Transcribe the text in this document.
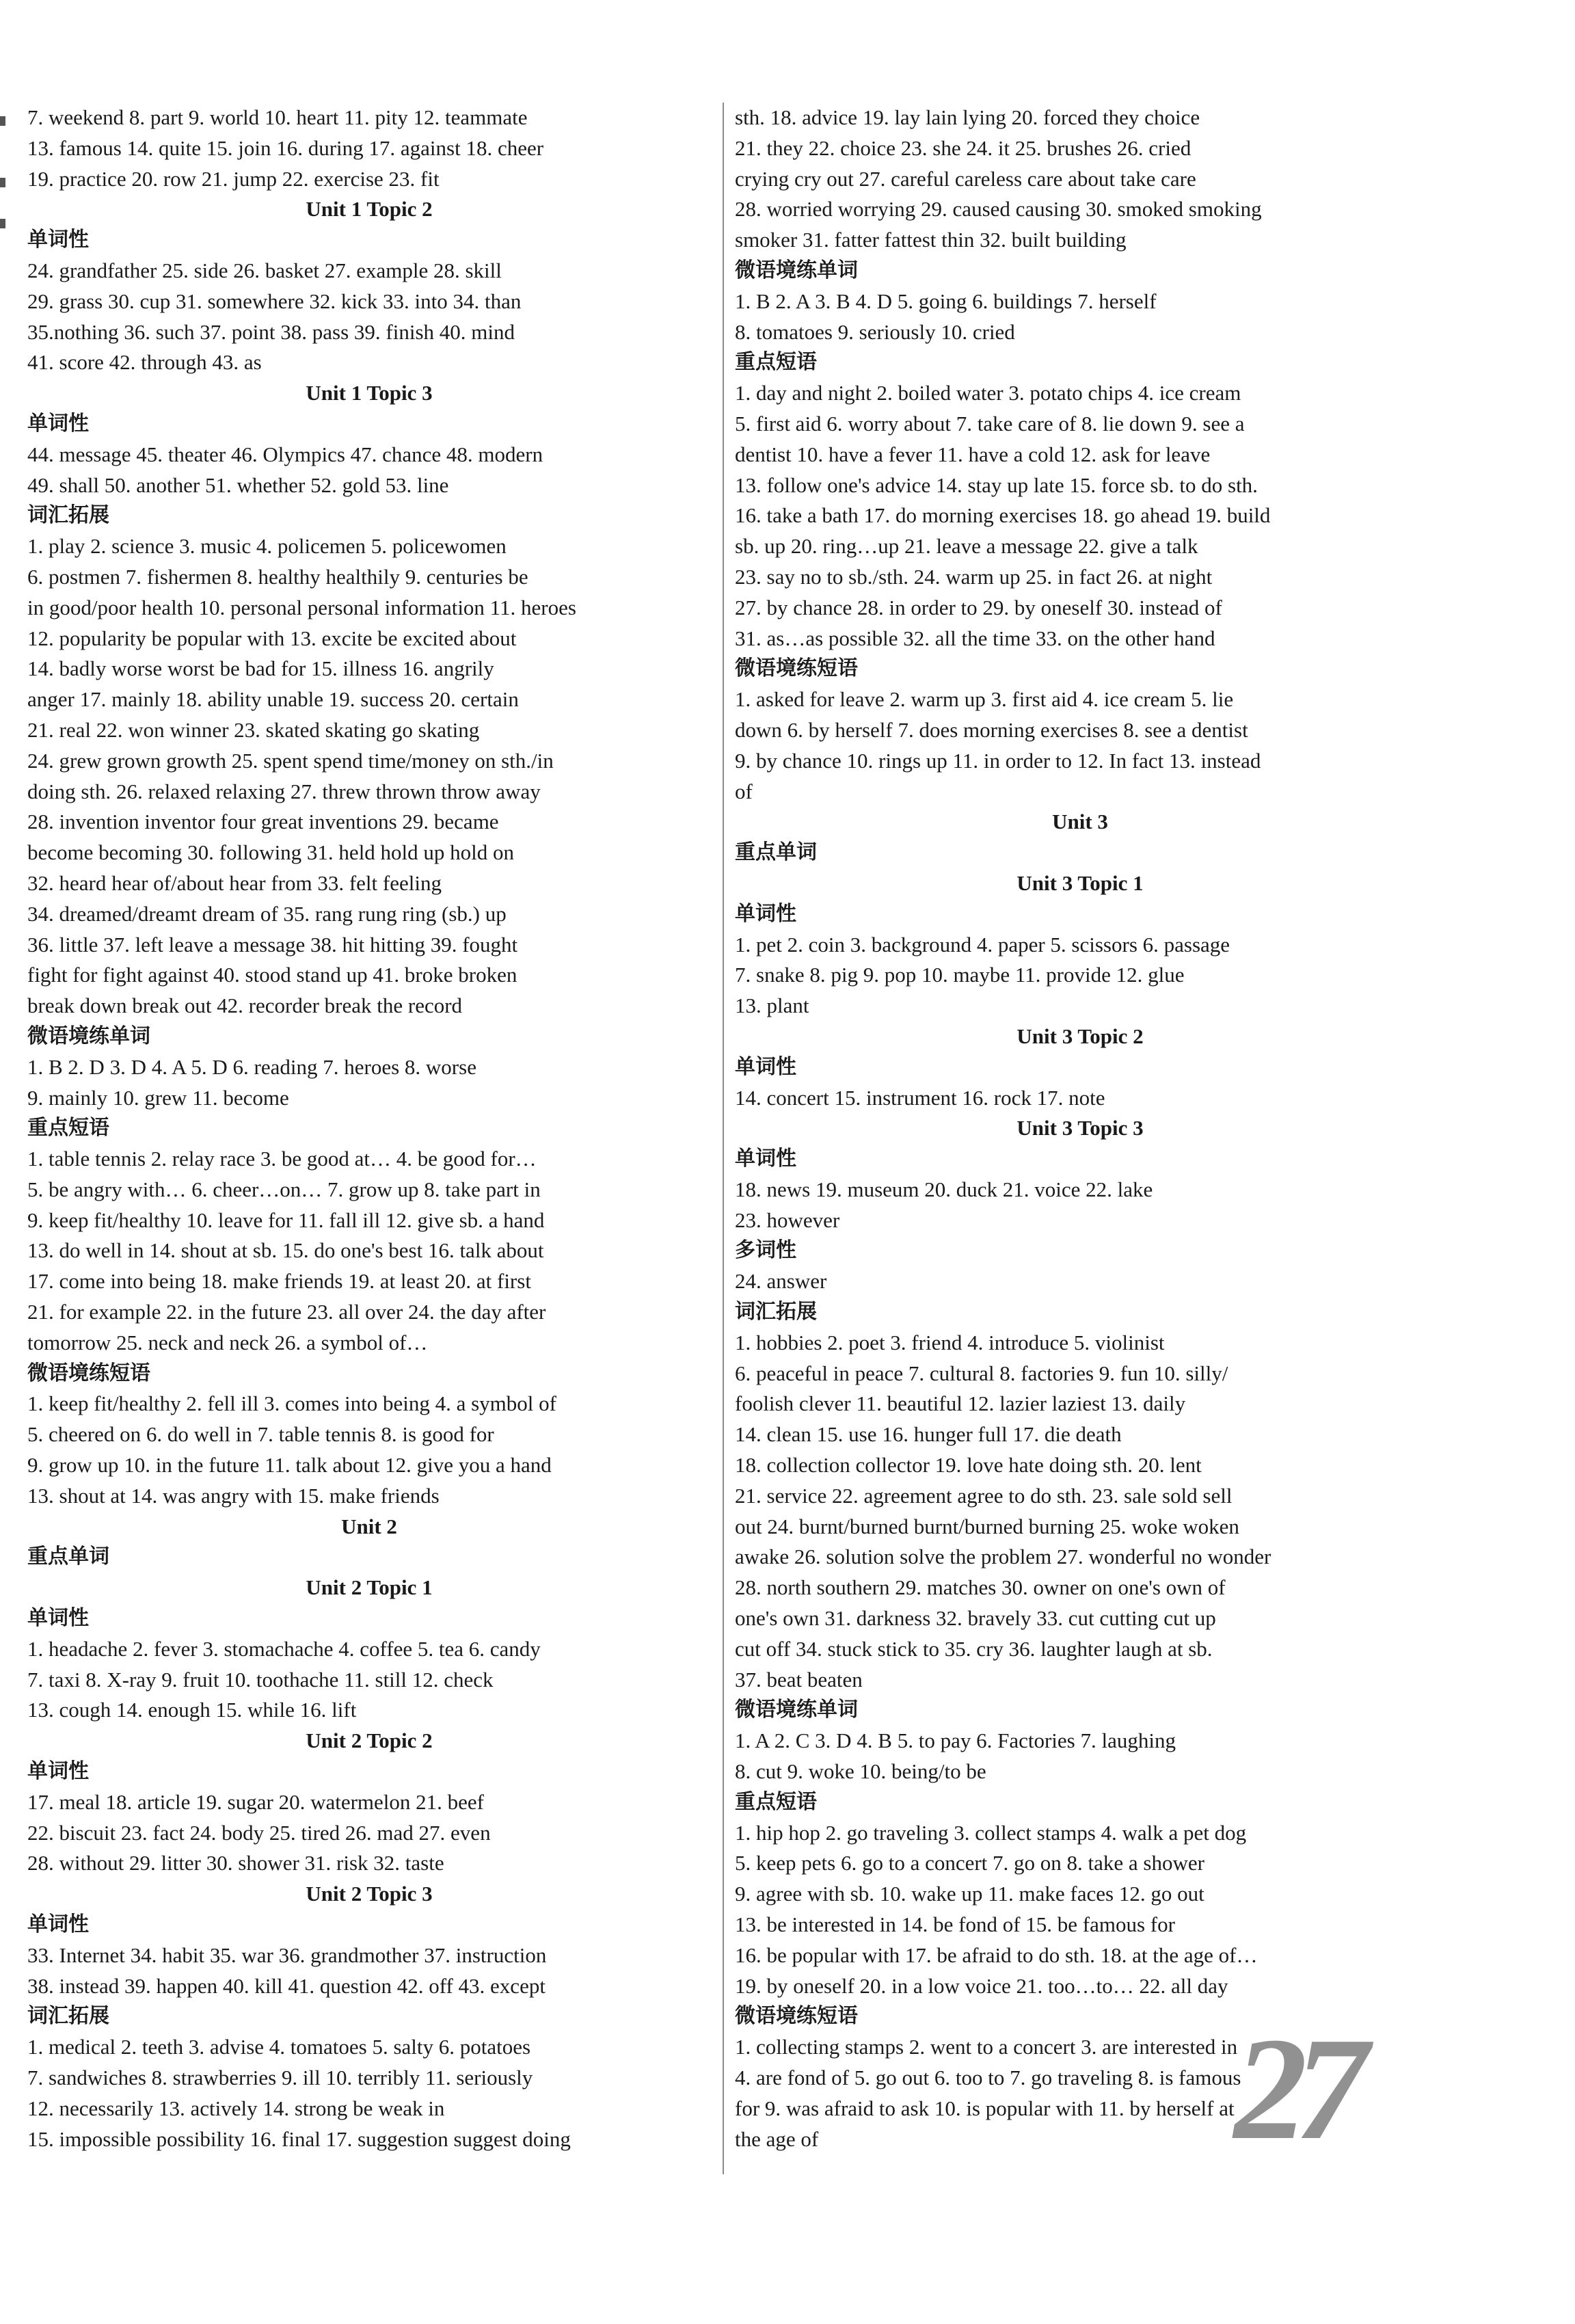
7. weekend 8. part 9. world 10. heart 11. pity 12. teammate
13. famous 14. quite 15. join 16. during 17. against 18. cheer
19. practice 20. row 21. jump 22. exercise 23. fit
Unit 1 Topic 2
单词性
24. grandfather 25. side 26. basket 27. example 28. skill
29. grass 30. cup 31. somewhere 32. kick 33. into 34. than
35.nothing 36. such 37. point 38. pass 39. finish 40. mind
41. score 42. through 43. as
Unit 1 Topic 3
单词性
44. message 45. theater 46. Olympics 47. chance 48. modern
49. shall 50. another 51. whether 52. gold 53. line
词汇拓展
1. play 2. science 3. music 4. policemen 5. policewomen
6. postmen 7. fishermen 8. healthy healthily 9. centuries be
in good/poor health 10. personal personal information 11. heroes
12. popularity be popular with 13. excite be excited about
14. badly worse worst be bad for 15. illness 16. angrily
anger 17. mainly 18. ability unable 19. success 20. certain
21. real 22. won winner 23. skated skating go skating
24. grew grown growth 25. spent spend time/money on sth./in
doing sth. 26. relaxed relaxing 27. threw thrown throw away
28. invention inventor four great inventions 29. became
become becoming 30. following 31. held hold up hold on
32. heard hear of/about hear from 33. felt feeling
34. dreamed/dreamt dream of 35. rang rung ring (sb.) up
36. little 37. left leave a message 38. hit hitting 39. fought
fight for fight against 40. stood stand up 41. broke broken
break down break out 42. recorder break the record
微语境练单词
1. B 2. D 3. D 4. A 5. D 6. reading 7. heroes 8. worse
9. mainly 10. grew 11. become
重点短语
1. table tennis 2. relay race 3. be good at… 4. be good for…
5. be angry with… 6. cheer…on… 7. grow up 8. take part in
9. keep fit/healthy 10. leave for 11. fall ill 12. give sb. a hand
13. do well in 14. shout at sb. 15. do one's best 16. talk about
17. come into being 18. make friends 19. at least 20. at first
21. for example 22. in the future 23. all over 24. the day after
tomorrow 25. neck and neck 26. a symbol of…
微语境练短语
1. keep fit/healthy 2. fell ill 3. comes into being 4. a symbol of
5. cheered on 6. do well in 7. table tennis 8. is good for
9. grow up 10. in the future 11. talk about 12. give you a hand
13. shout at 14. was angry with 15. make friends
Unit 2
重点单词
Unit 2 Topic 1
单词性
1. headache 2. fever 3. stomachache 4. coffee 5. tea 6. candy
7. taxi 8. X-ray 9. fruit 10. toothache 11. still 12. check
13. cough 14. enough 15. while 16. lift
Unit 2 Topic 2
单词性
17. meal 18. article 19. sugar 20. watermelon 21. beef
22. biscuit 23. fact 24. body 25. tired 26. mad 27. even
28. without 29. litter 30. shower 31. risk 32. taste
Unit 2 Topic 3
单词性
33. Internet 34. habit 35. war 36. grandmother 37. instruction
38. instead 39. happen 40. kill 41. question 42. off 43. except
词汇拓展
1. medical 2. teeth 3. advise 4. tomatoes 5. salty 6. potatoes
7. sandwiches 8. strawberries 9. ill 10. terribly 11. seriously
12. necessarily 13. actively 14. strong be weak in
15. impossible possibility 16. final 17. suggestion suggest doing
sth. 18. advice 19. lay lain lying 20. forced they choice
21. they 22. choice 23. she 24. it 25. brushes 26. cried
crying cry out 27. careful careless care about take care
28. worried worrying 29. caused causing 30. smoked smoking
smoker 31. fatter fattest thin 32. built building
微语境练单词
1. B 2. A 3. B 4. D 5. going 6. buildings 7. herself
8. tomatoes 9. seriously 10. cried
重点短语
1. day and night 2. boiled water 3. potato chips 4. ice cream
5. first aid 6. worry about 7. take care of 8. lie down 9. see a
dentist 10. have a fever 11. have a cold 12. ask for leave
13. follow one's advice 14. stay up late 15. force sb. to do sth.
16. take a bath 17. do morning exercises 18. go ahead 19. build
sb. up 20. ring…up 21. leave a message 22. give a talk
23. say no to sb./sth. 24. warm up 25. in fact 26. at night
27. by chance 28. in order to 29. by oneself 30. instead of
31. as…as possible 32. all the time 33. on the other hand
微语境练短语
1. asked for leave 2. warm up 3. first aid 4. ice cream 5. lie
down 6. by herself 7. does morning exercises 8. see a dentist
9. by chance 10. rings up 11. in order to 12. In fact 13. instead
of
Unit 3
重点单词
Unit 3 Topic 1
单词性
1. pet 2. coin 3. background 4. paper 5. scissors 6. passage
7. snake 8. pig 9. pop 10. maybe 11. provide 12. glue
13. plant
Unit 3 Topic 2
单词性
14. concert 15. instrument 16. rock 17. note
Unit 3 Topic 3
单词性
18. news 19. museum 20. duck 21. voice 22. lake
23. however
多词性
24. answer
词汇拓展
1. hobbies 2. poet 3. friend 4. introduce 5. violinist
6. peaceful in peace 7. cultural 8. factories 9. fun 10. silly/
foolish clever 11. beautiful 12. lazier laziest 13. daily
14. clean 15. use 16. hunger full 17. die death
18. collection collector 19. love hate doing sth. 20. lent
21. service 22. agreement agree to do sth. 23. sale sold sell
out 24. burnt/burned burnt/burned burning 25. woke woken
awake 26. solution solve the problem 27. wonderful no wonder
28. north southern 29. matches 30. owner on one's own of
one's own 31. darkness 32. bravely 33. cut cutting cut up
cut off 34. stuck stick to 35. cry 36. laughter laugh at sb.
37. beat beaten
微语境练单词
1. A 2. C 3. D 4. B 5. to pay 6. Factories 7. laughing
8. cut 9. woke 10. being/to be
重点短语
1. hip hop 2. go traveling 3. collect stamps 4. walk a pet dog
5. keep pets 6. go to a concert 7. go on 8. take a shower
9. agree with sb. 10. wake up 11. make faces 12. go out
13. be interested in 14. be fond of 15. be famous for
16. be popular with 17. be afraid to do sth. 18. at the age of…
19. by oneself 20. in a low voice 21. too…to… 22. all day
微语境练短语
1. collecting stamps 2. went to a concert 3. are interested in
4. are fond of 5. go out 6. too to 7. go traveling 8. is famous
for 9. was afraid to ask 10. is popular with 11. by herself at
the age of	27
